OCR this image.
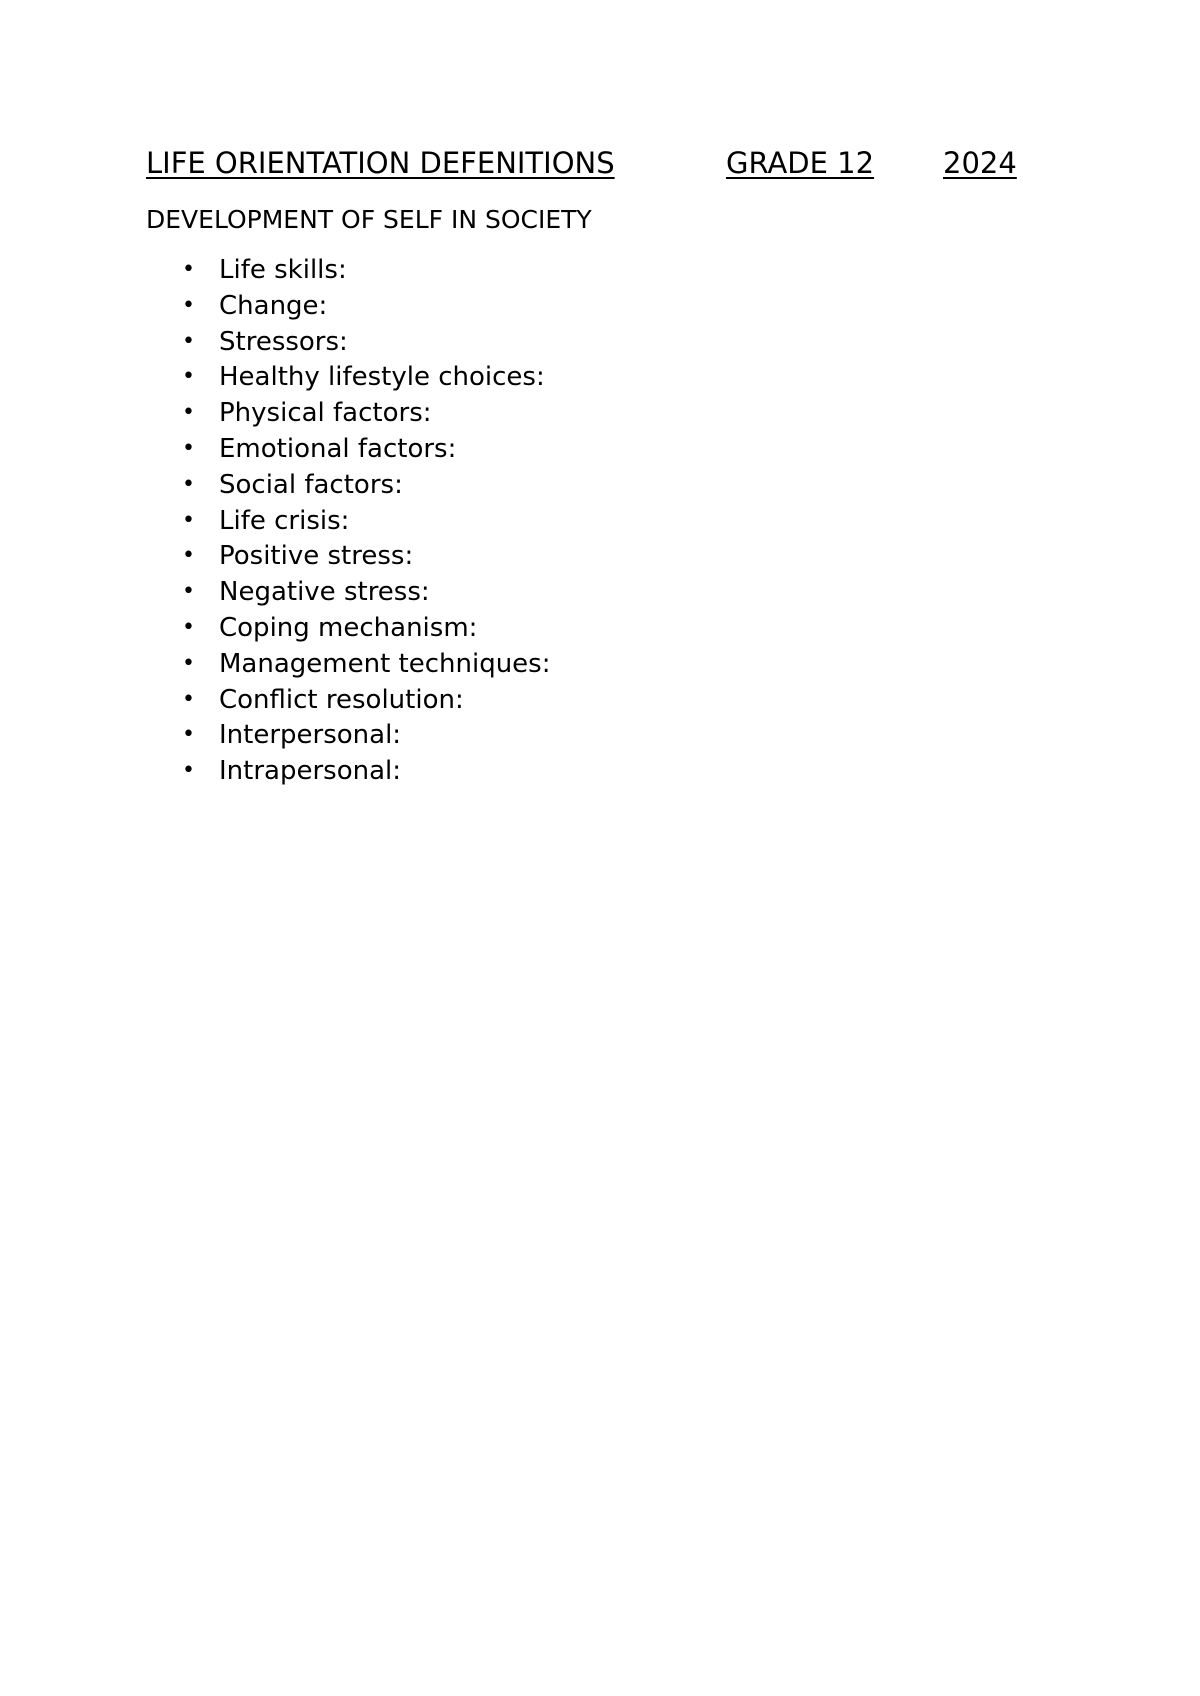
LIFE ORIENTATION DEFENITIONS	GRADE 12 2024
DEVELOPMENT OF SELF IN SOCIETY
• Life skills:
• Change:
• Stressors:
• Healthy lifestyle choices:
• Physical factors:
• Emotional factors:
• Social factors:
• Life crisis:
• Positive stress:
• Negative stress:
• Coping mechanism:
• Management techniques:
• Conflict resolution:
• Interpersonal:
• Intrapersonal:
